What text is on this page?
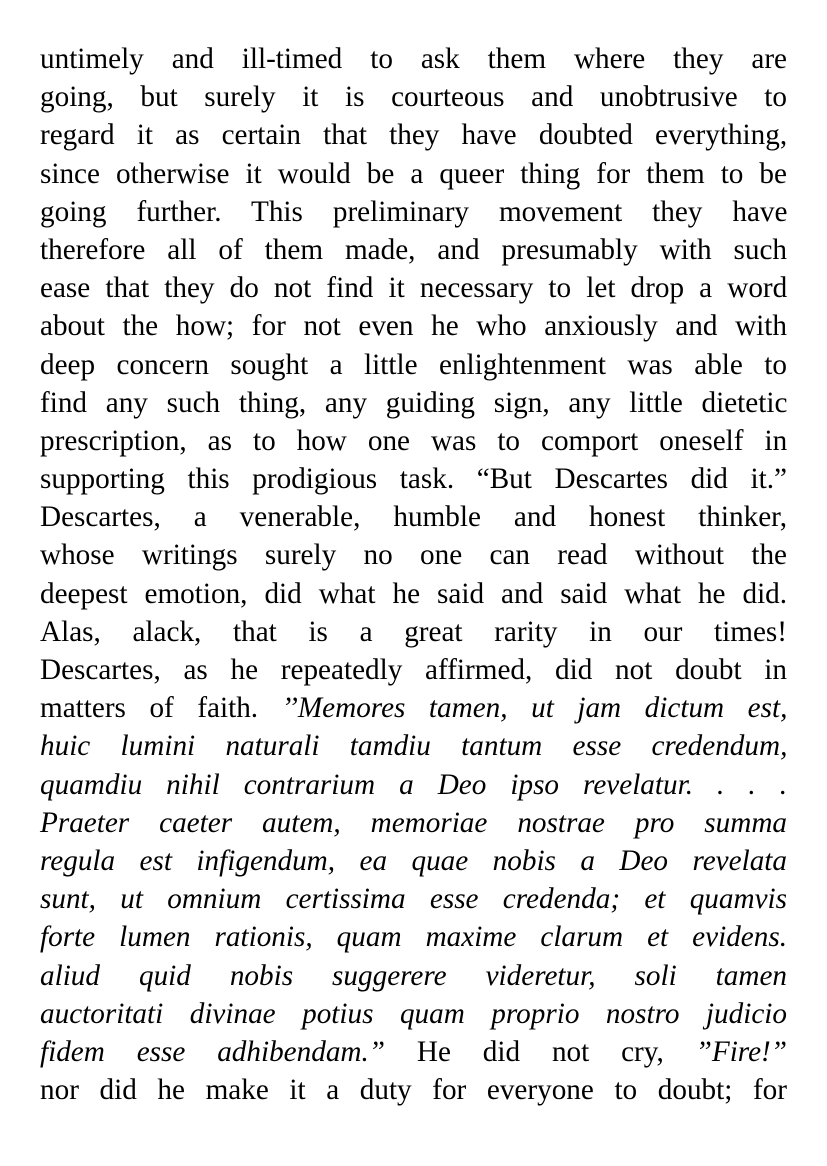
untimely and ill-timed to ask them where they are
going, but surely it is courteous and unobtrusive to
regard it as certain that they have doubted everything,
since otherwise it would be a queer thing for them to be
going further. This preliminary movement they have
therefore all of them made, and presumably with such
ease that they do not find it necessary to let drop a word
about the how; for not even he who anxiously and with
deep concern sought a little enlightenment was able to
find any such thing, any guiding sign, any little dietetic
prescription, as to how one was to comport oneself in
supporting this prodigious task. “But Descartes did it.”
Descartes, a venerable, humble and honest thinker,
whose writings surely no one can read without the
deepest emotion, did what he said and said what he did.
Alas, alack, that is a great rarity in our times!
Descartes, as he repeatedly affirmed, did not doubt in
matters of faith. ’’Memores tamen, ut jam dictum est,
huic lumini naturali tamdiu tantum esse credendum,
quamdiu nihil contrarium a Deo ipso revelatur. . . .
Praeter caeter autem, memoriae nostrae pro summa
regula est infigendum, ea quae nobis a Deo revelata
sunt, ut omnium certissima esse credenda; et quamvis
forte lumen rationis, quam maxime clarum et evidens.
aliud quid nobis suggerere videretur, soli tamen
auctoritati divinae potius quam proprio nostro judicio
fidem esse adhibendam.” He did not cry, ”Fire!”
nor did he make it a duty for everyone to doubt; for
